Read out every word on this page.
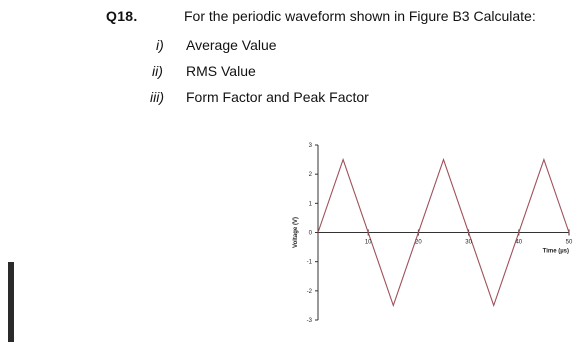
Q18.	For the periodic waveform shown in Figure B3 Calculate:
i) Average Value
ii) RMS Value
iii) Form Factor and Peak Factor
3
2
1
0
-1
-2
-3
10	20	30	40	50
Time (µs)
Voltage (V)
